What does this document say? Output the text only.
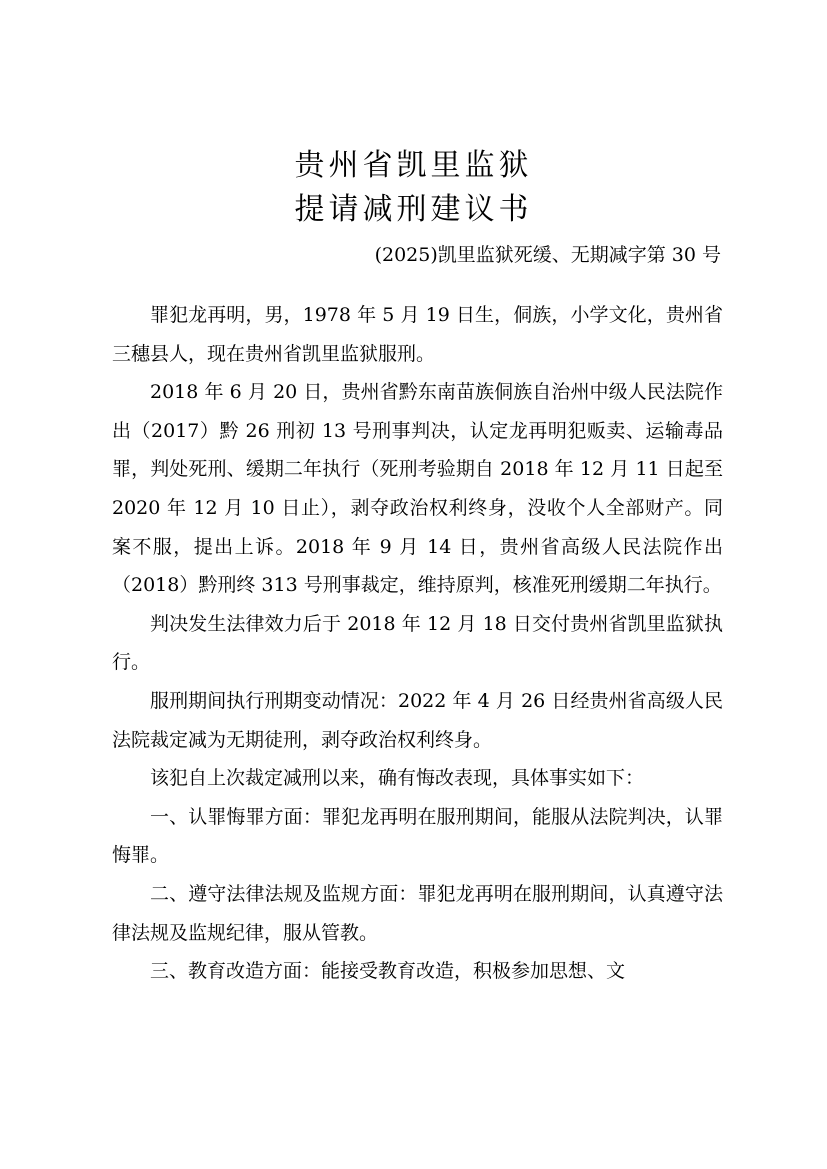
贵州省凯里监狱
提请减刑建议书
(2025)凯里监狱死缓、无期减字第 30 号

罪犯龙再明，男，1978 年 5 月 19 日生，侗族，小学文化，贵州省三穗县人，现在贵州省凯里监狱服刑。

2018 年 6 月 20 日，贵州省黔东南苗族侗族自治州中级人民法院作出（2017）黔 26 刑初 13 号刑事判决，认定龙再明犯贩卖、运输毒品罪，判处死刑、缓期二年执行（死刑考验期自 2018 年 12 月 11 日起至 2020 年 12 月 10 日止），剥夺政治权利终身，没收个人全部财产。同案不服，提出上诉。2018 年 9 月 14 日，贵州省高级人民法院作出（2018）黔刑终 313 号刑事裁定，维持原判，核准死刑缓期二年执行。

判决发生法律效力后于 2018 年 12 月 18 日交付贵州省凯里监狱执行。

服刑期间执行刑期变动情况：2022 年 4 月 26 日经贵州省高级人民法院裁定减为无期徒刑，剥夺政治权利终身。

该犯自上次裁定减刑以来，确有悔改表现，具体事实如下：

一、认罪悔罪方面：罪犯龙再明在服刑期间，能服从法院判决，认罪悔罪。

二、遵守法律法规及监规方面：罪犯龙再明在服刑期间，认真遵守法律法规及监规纪律，服从管教。

三、教育改造方面：能接受教育改造，积极参加思想、文
